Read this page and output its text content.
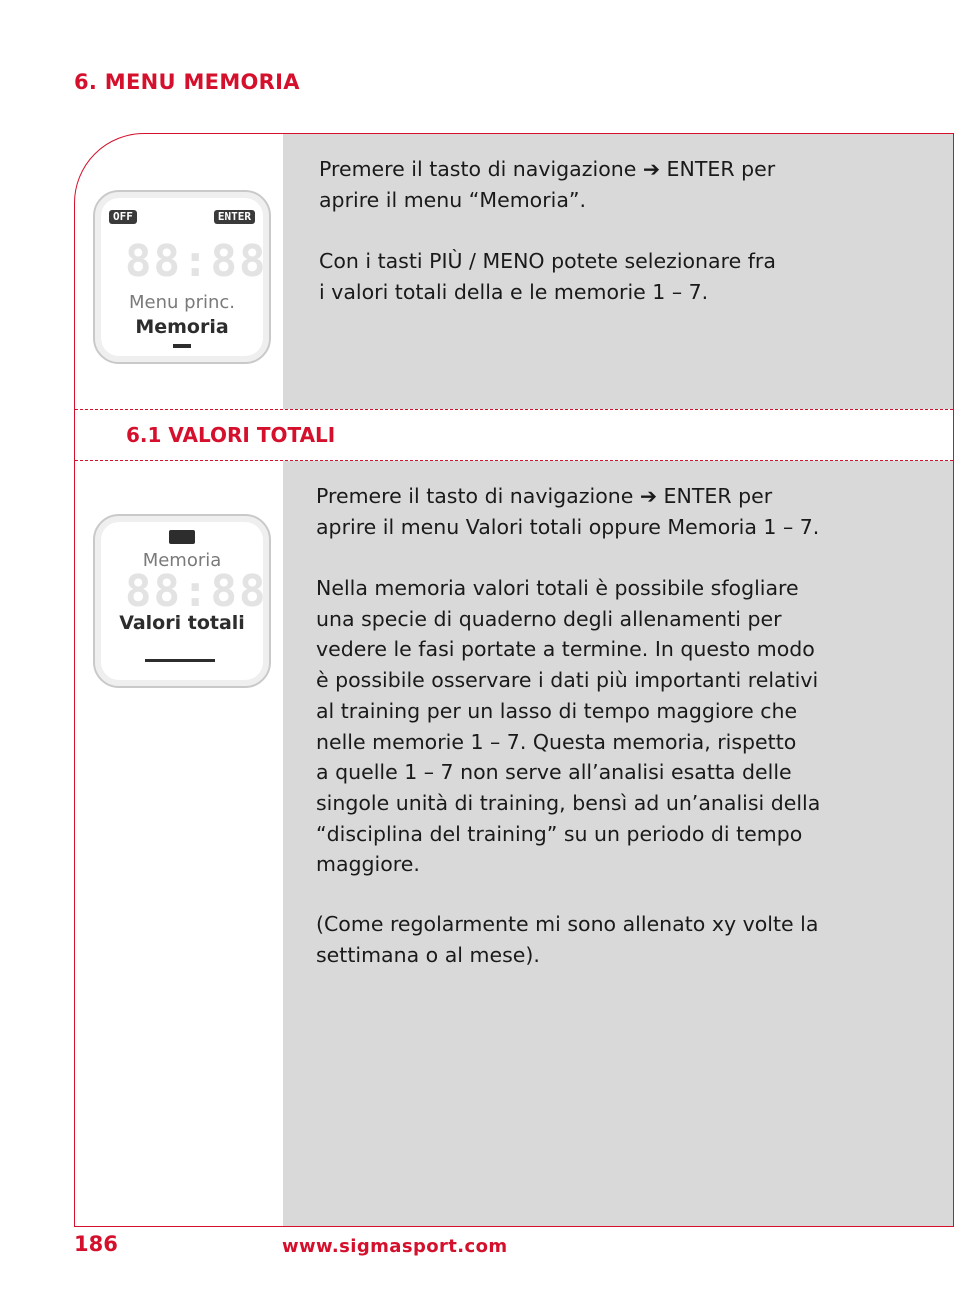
6. MENU MEMORIA
OFF	ENTER
88:88
Menu princ.
Memoria

Premere il tasto di navigazione ➔ ENTER per
aprire il menu “Memoria”.

Con i tasti PIÙ / MENO potete selezionare fra
i valori totali della e le memorie 1 – 7.

6.1 VALORI TOTALI
Memoria
88:88
Valori totali

Premere il tasto di navigazione ➔ ENTER per
aprire il menu Valori totali oppure Memoria 1 – 7.

Nella memoria valori totali è possibile sfogliare
una specie di quaderno degli allenamenti per
vedere le fasi portate a termine. In questo modo
è possibile osservare i dati più importanti relativi
al training per un lasso di tempo maggiore che
nelle memorie 1 – 7. Questa memoria, rispetto
a quelle 1 – 7 non serve all’analisi esatta delle
singole unità di training, bensì ad un’analisi della
“disciplina del training” su un periodo di tempo
maggiore.

(Come regolarmente mi sono allenato xy volte la
settimana o al mese).

186	www.sigmasport.com
